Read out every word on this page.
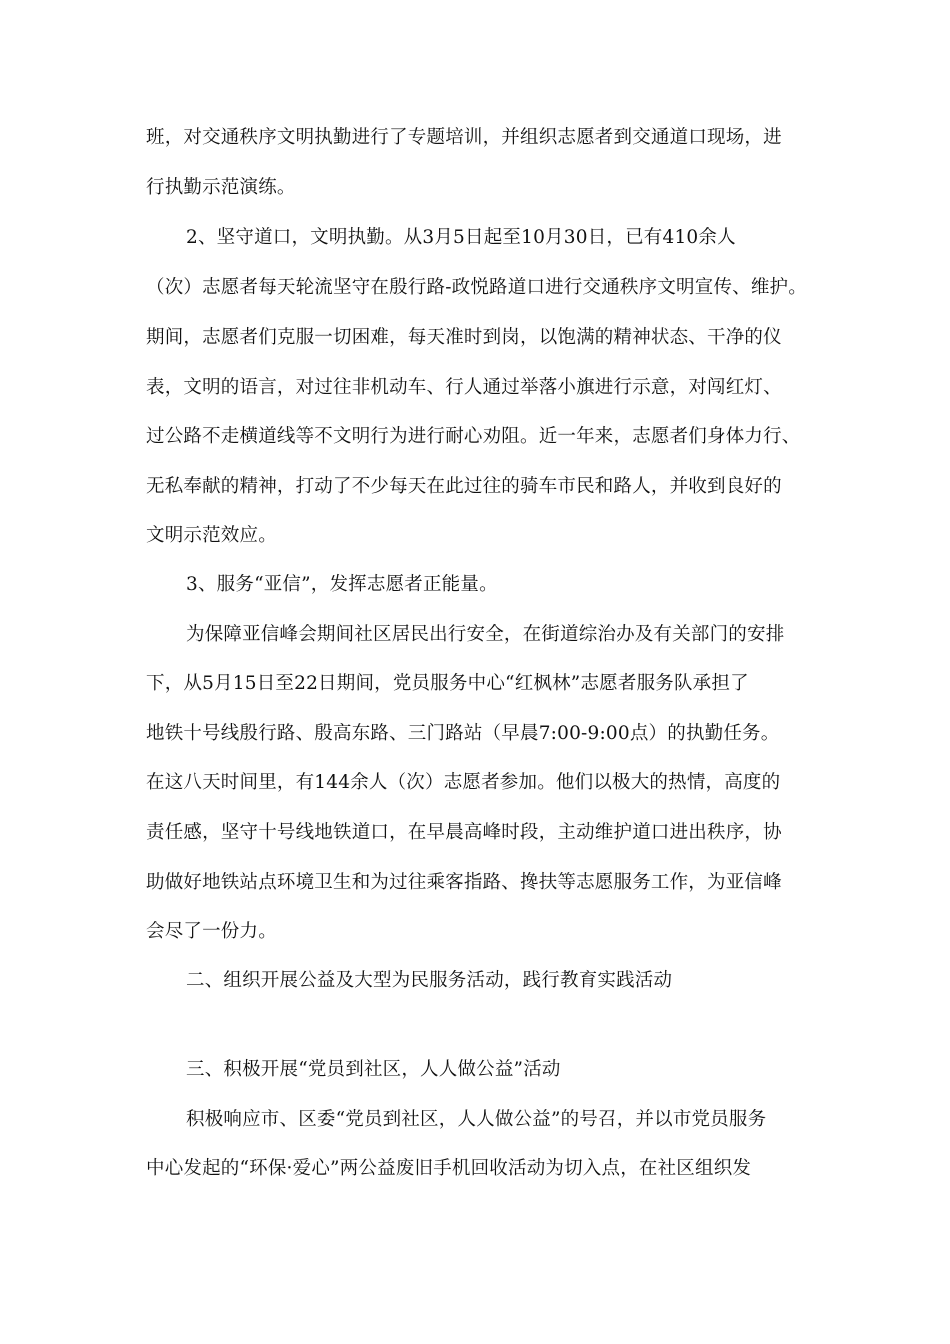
班，对交通秩序文明执勤进行了专题培训，并组织志愿者到交通道口现场，进
行执勤示范演练。
2、坚守道口，文明执勤。从3月5日起至10月30日，已有410余人
（次）志愿者每天轮流坚守在殷行路-政悦路道口进行交通秩序文明宣传、维护。
期间，志愿者们克服一切困难，每天准时到岗，以饱满的精神状态、干净的仪
表，文明的语言，对过往非机动车、行人通过举落小旗进行示意，对闯红灯、
过公路不走横道线等不文明行为进行耐心劝阻。近一年来，志愿者们身体力行、
无私奉献的精神，打动了不少每天在此过往的骑车市民和路人，并收到良好的
文明示范效应。
3、服务“亚信”，发挥志愿者正能量。
为保障亚信峰会期间社区居民出行安全，在街道综治办及有关部门的安排
下，从5月15日至22日期间，党员服务中心“红枫林”志愿者服务队承担了
地铁十号线殷行路、殷高东路、三门路站（早晨7:00-9:00点）的执勤任务。
在这八天时间里，有144余人（次）志愿者参加。他们以极大的热情，高度的
责任感，坚守十号线地铁道口，在早晨高峰时段，主动维护道口进出秩序，协
助做好地铁站点环境卫生和为过往乘客指路、搀扶等志愿服务工作，为亚信峰
会尽了一份力。
二、组织开展公益及大型为民服务活动，践行教育实践活动
三、积极开展“党员到社区，人人做公益”活动
积极响应市、区委“党员到社区，人人做公益”的号召，并以市党员服务
中心发起的“环保·爱心”两公益废旧手机回收活动为切入点，在社区组织发
